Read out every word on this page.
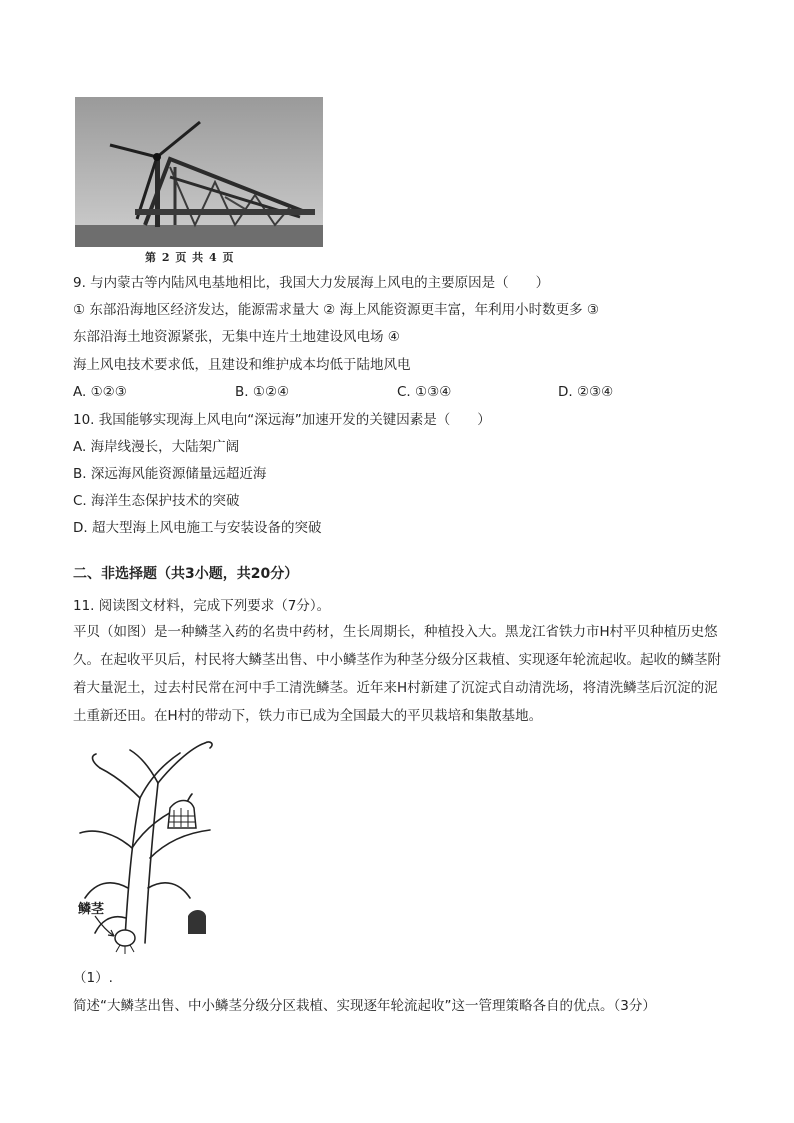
第 2 页 共 4 页
9. 与内蒙古等内陆风电基地相比，我国大力发展海上风电的主要原因是（　　）
① 东部沿海地区经济发达，能源需求量大 ② 海上风能资源更丰富，年利用小时数更多 ③
东部沿海土地资源紧张，无集中连片土地建设风电场 ④
海上风电技术要求低，且建设和维护成本均低于陆地风电
A. ①②③	B. ①②④	C. ①③④	D. ②③④
10. 我国能够实现海上风电向“深远海”加速开发的关键因素是（　　）
A. 海岸线漫长，大陆架广阔
B. 深远海风能资源储量远超近海
C. 海洋生态保护技术的突破
D. 超大型海上风电施工与安装设备的突破
二、非选择题（共3小题，共20分）
11. 阅读图文材料，完成下列要求（7分）。
平贝（如图）是一种鳞茎入药的名贵中药材，生长周期长，种植投入大。黑龙江省铁力市H村平贝种植历史悠久。在起收平贝后，村民将大鳞茎出售、中小鳞茎作为种茎分级分区栽植、实现逐年轮流起收。起收的鳞茎附着大量泥土，过去村民常在河中手工清洗鳞茎。近年来H村新建了沉淀式自动清洗场，将清洗鳞茎后沉淀的泥土重新还田。在H村的带动下，铁力市已成为全国最大的平贝栽培和集散基地。
鳞茎
（1）.
简述“大鳞茎出售、中小鳞茎分级分区栽植、实现逐年轮流起收”这一管理策略各自的优点。（3分）
